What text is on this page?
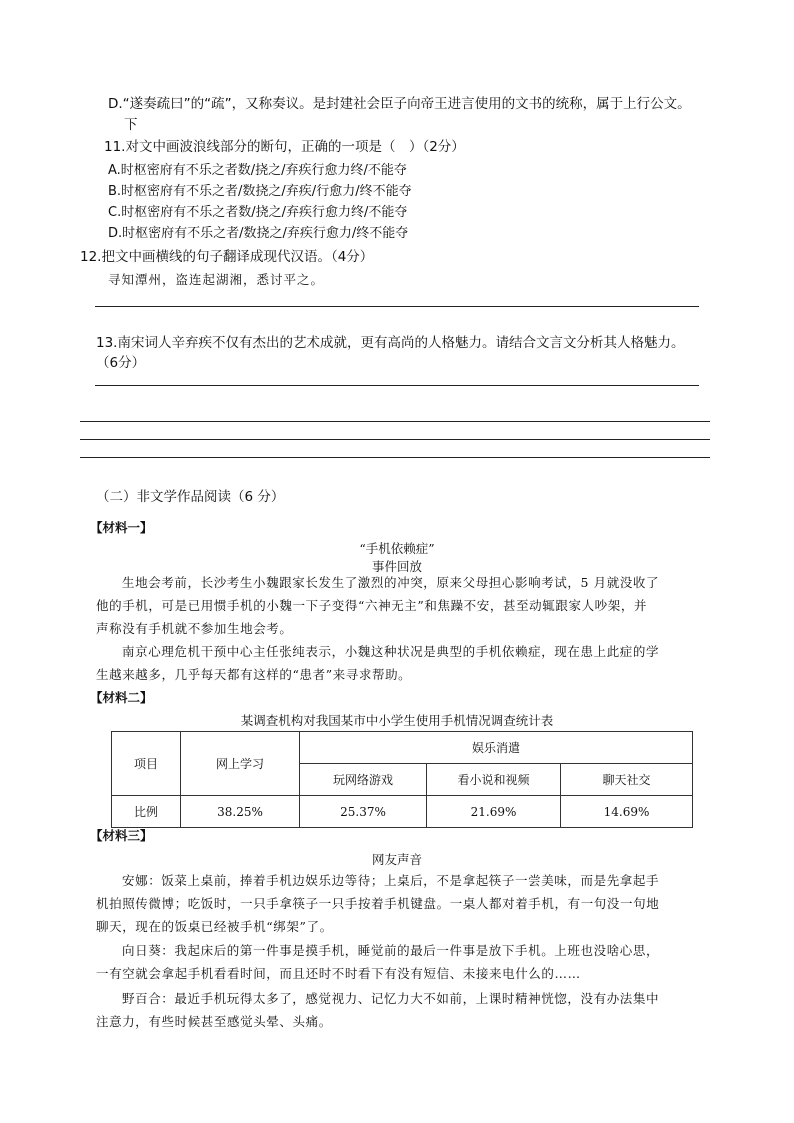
D.“遂奏疏曰”的“疏”，又称奏议。是封建社会臣子向帝王进言使用的文书的统称，属于上行公文。
下
11.对文中画波浪线部分的断句，正确的一项是（　）（2分）
A.时枢密府有不乐之者数/挠之/弃疾行愈力终/不能夺
B.时枢密府有不乐之者/数挠之/弃疾/行愈力/终不能夺
C.时枢密府有不乐之者数/挠之/弃疾行愈力终/不能夺
D.时枢密府有不乐之者/数挠之/弃疾行愈力/终不能夺
12.把文中画横线的句子翻译成现代汉语。（4分）
寻知潭州，盗连起湖湘，悉讨平之。
13.南宋词人辛弃疾不仅有杰出的艺术成就，更有高尚的人格魅力。请结合文言文分析其人格魅力。
（6分）
（二）非文学作品阅读（6 分）
【材料一】
“手机依赖症”
事件回放
生地会考前，长沙考生小魏跟家长发生了激烈的冲突，原来父母担心影响考试，5 月就没收了
他的手机，可是已用惯手机的小魏一下子变得“六神无主”和焦躁不安，甚至动辄跟家人吵架，并
声称没有手机就不参加生地会考。
南京心理危机干预中心主任张纯表示，小魏这种状况是典型的手机依赖症，现在患上此症的学
生越来越多，几乎每天都有这样的“患者”来寻求帮助。
【材料二】
某调查机构对我国某市中小学生使用手机情况调查统计表
项目	网上学习	娱乐消遣		
		玩网络游戏	看小说和视频	聊天社交
比例	38.25%	25.37%	21.69%	14.69%
【材料三】
网友声音
安娜：饭菜上桌前，捧着手机边娱乐边等待；上桌后，不是拿起筷子一尝美味，而是先拿起手
机拍照传微博；吃饭时，一只手拿筷子一只手按着手机键盘。一桌人都对着手机，有一句没一句地
聊天，现在的饭桌已经被手机“绑架”了。
向日葵：我起床后的第一件事是摸手机，睡觉前的最后一件事是放下手机。上班也没啥心思，
一有空就会拿起手机看看时间，而且还时不时看下有没有短信、未接来电什么的……
野百合：最近手机玩得太多了，感觉视力、记忆力大不如前，上课时精神恍惚，没有办法集中
注意力，有些时候甚至感觉头晕、头痛。
